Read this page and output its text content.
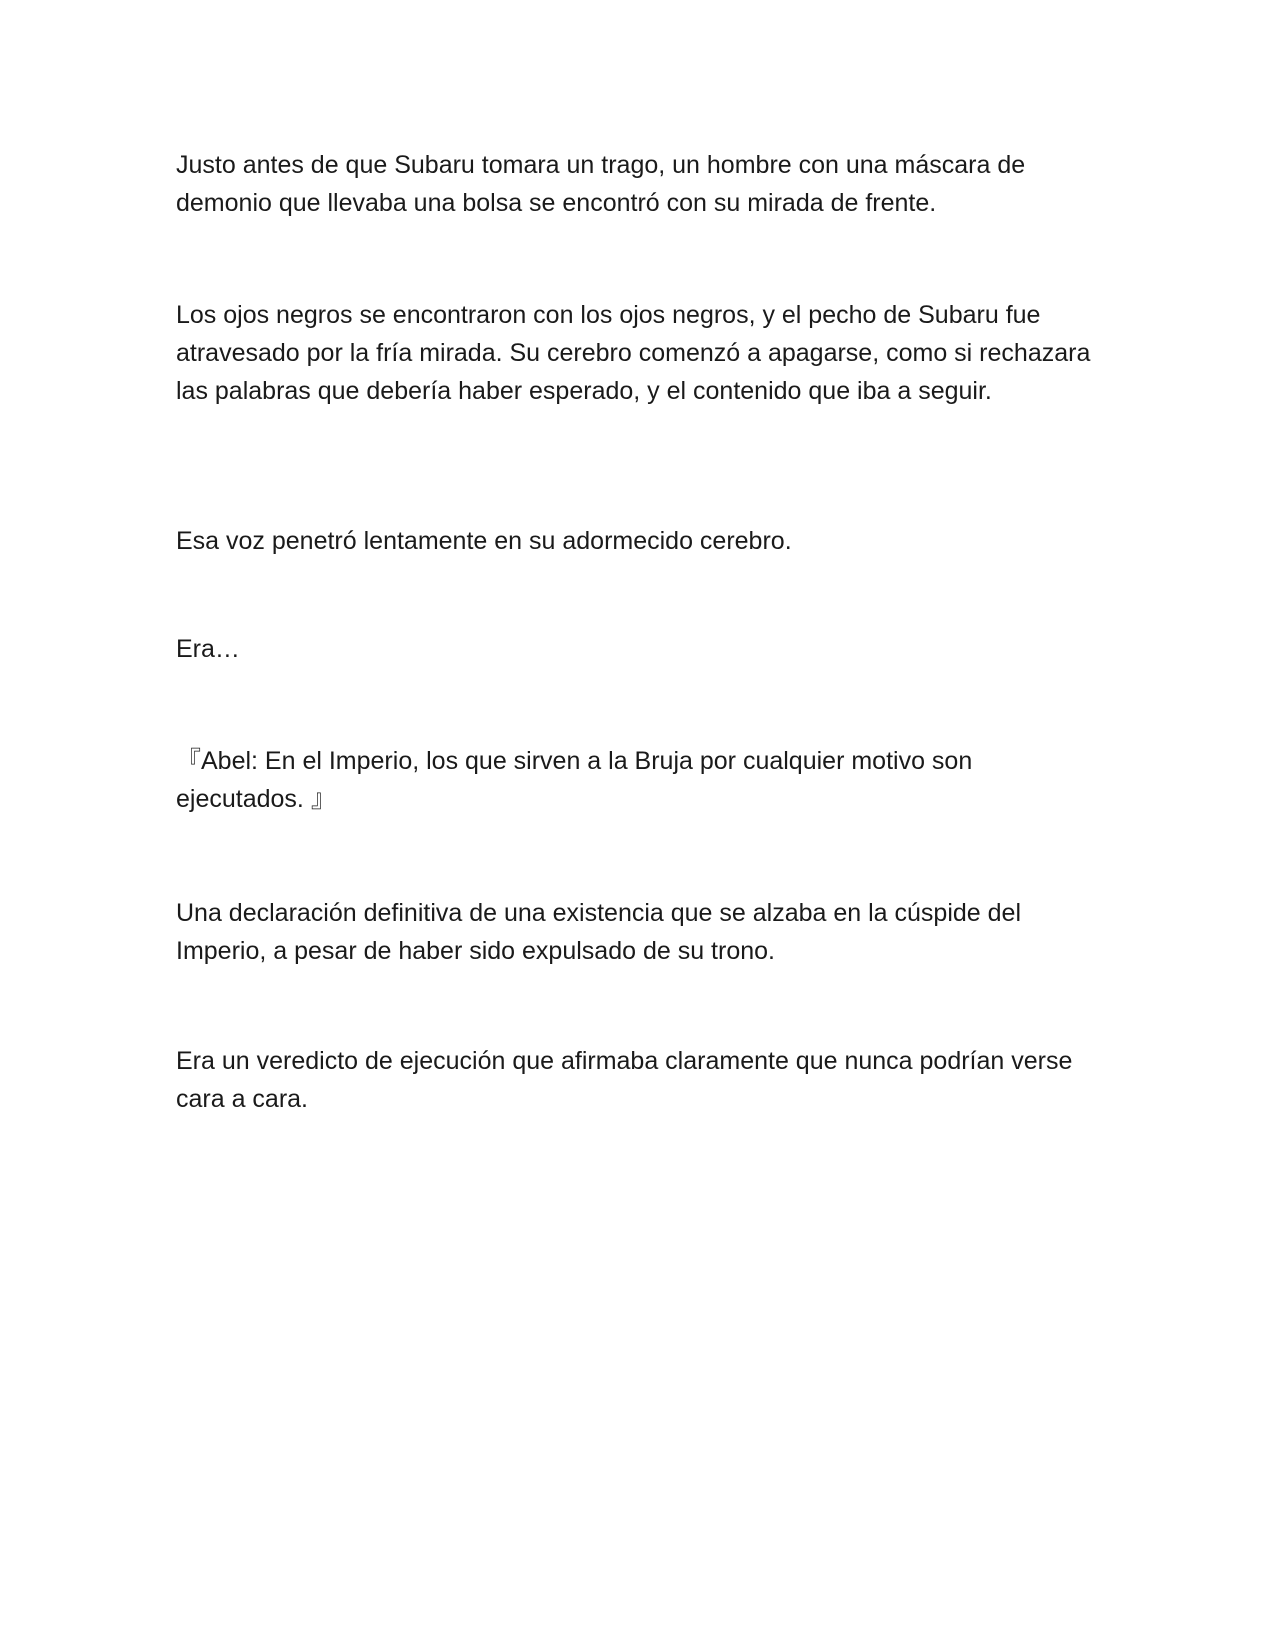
Justo antes de que Subaru tomara un trago, un hombre con una máscara de demonio que llevaba una bolsa se encontró con su mirada de frente.

Los ojos negros se encontraron con los ojos negros, y el pecho de Subaru fue atravesado por la fría mirada. Su cerebro comenzó a apagarse, como si rechazara las palabras que debería haber esperado, y el contenido que iba a seguir.

Esa voz penetró lentamente en su adormecido cerebro.

Era…

『Abel: En el Imperio, los que sirven a la Bruja por cualquier motivo son ejecutados. 』

Una declaración definitiva de una existencia que se alzaba en la cúspide del Imperio, a pesar de haber sido expulsado de su trono.

Era un veredicto de ejecución que afirmaba claramente que nunca podrían verse cara a cara.
